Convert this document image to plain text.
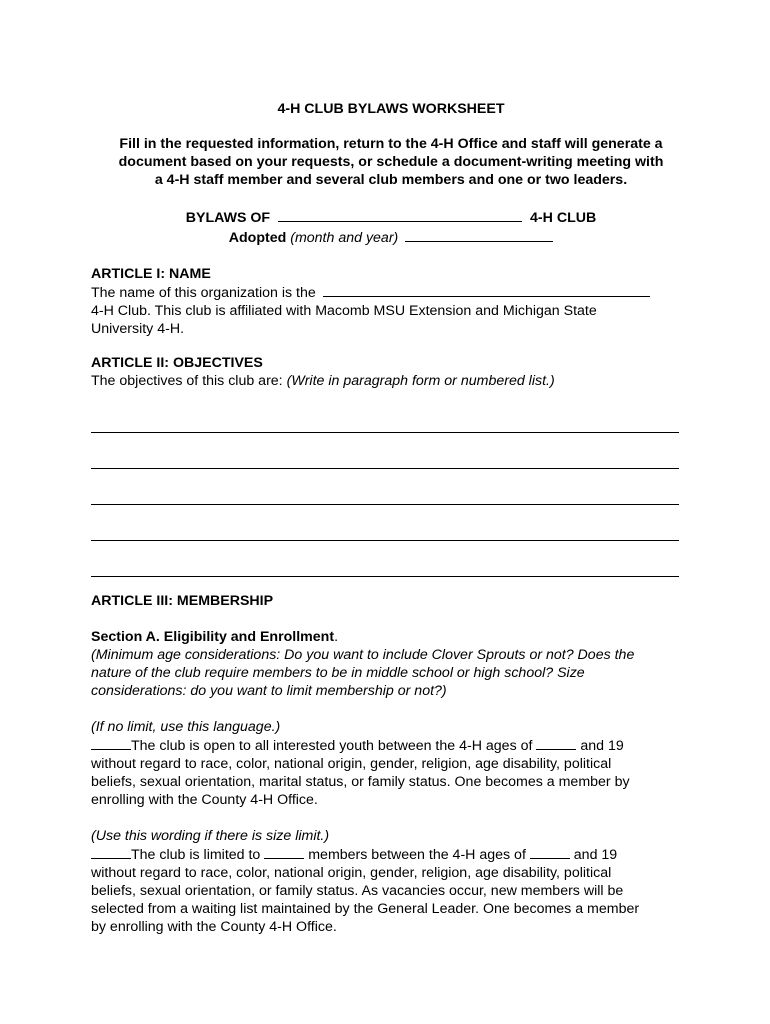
4-H CLUB BYLAWS WORKSHEET

Fill in the requested information, return to the 4-H Office and staff will generate a

document based on your requests, or schedule a document-writing meeting with

a 4-H staff member and several club members and one or two leaders.

BYLAWS OF	4-H CLUB

Adopted (month and year)

ARTICLE I: NAME

The name of this organization is the

4-H Club. This club is affiliated with Macomb MSU Extension and Michigan State

University 4-H.

ARTICLE II: OBJECTIVES

The objectives of this club are: (Write in paragraph form or numbered list.)

ARTICLE III: MEMBERSHIP

Section A. Eligibility and Enrollment.

(Minimum age considerations: Do you want to include Clover Sprouts or not? Does the

nature of the club require members to be in middle school or high school? Size

considerations: do you want to limit membership or not?)

(If no limit, use this language.)

The club is open to all interested youth between the 4-H ages of	and 19

without regard to race, color, national origin, gender, religion, age disability, political

beliefs, sexual orientation, marital status, or family status. One becomes a member by

enrolling with the County 4-H Office.

(Use this wording if there is size limit.)

The club is limited to	members between the 4-H ages of	and 19

without regard to race, color, national origin, gender, religion, age disability, political

beliefs, sexual orientation, or family status. As vacancies occur, new members will be

selected from a waiting list maintained by the General Leader. One becomes a member

by enrolling with the County 4-H Office.
